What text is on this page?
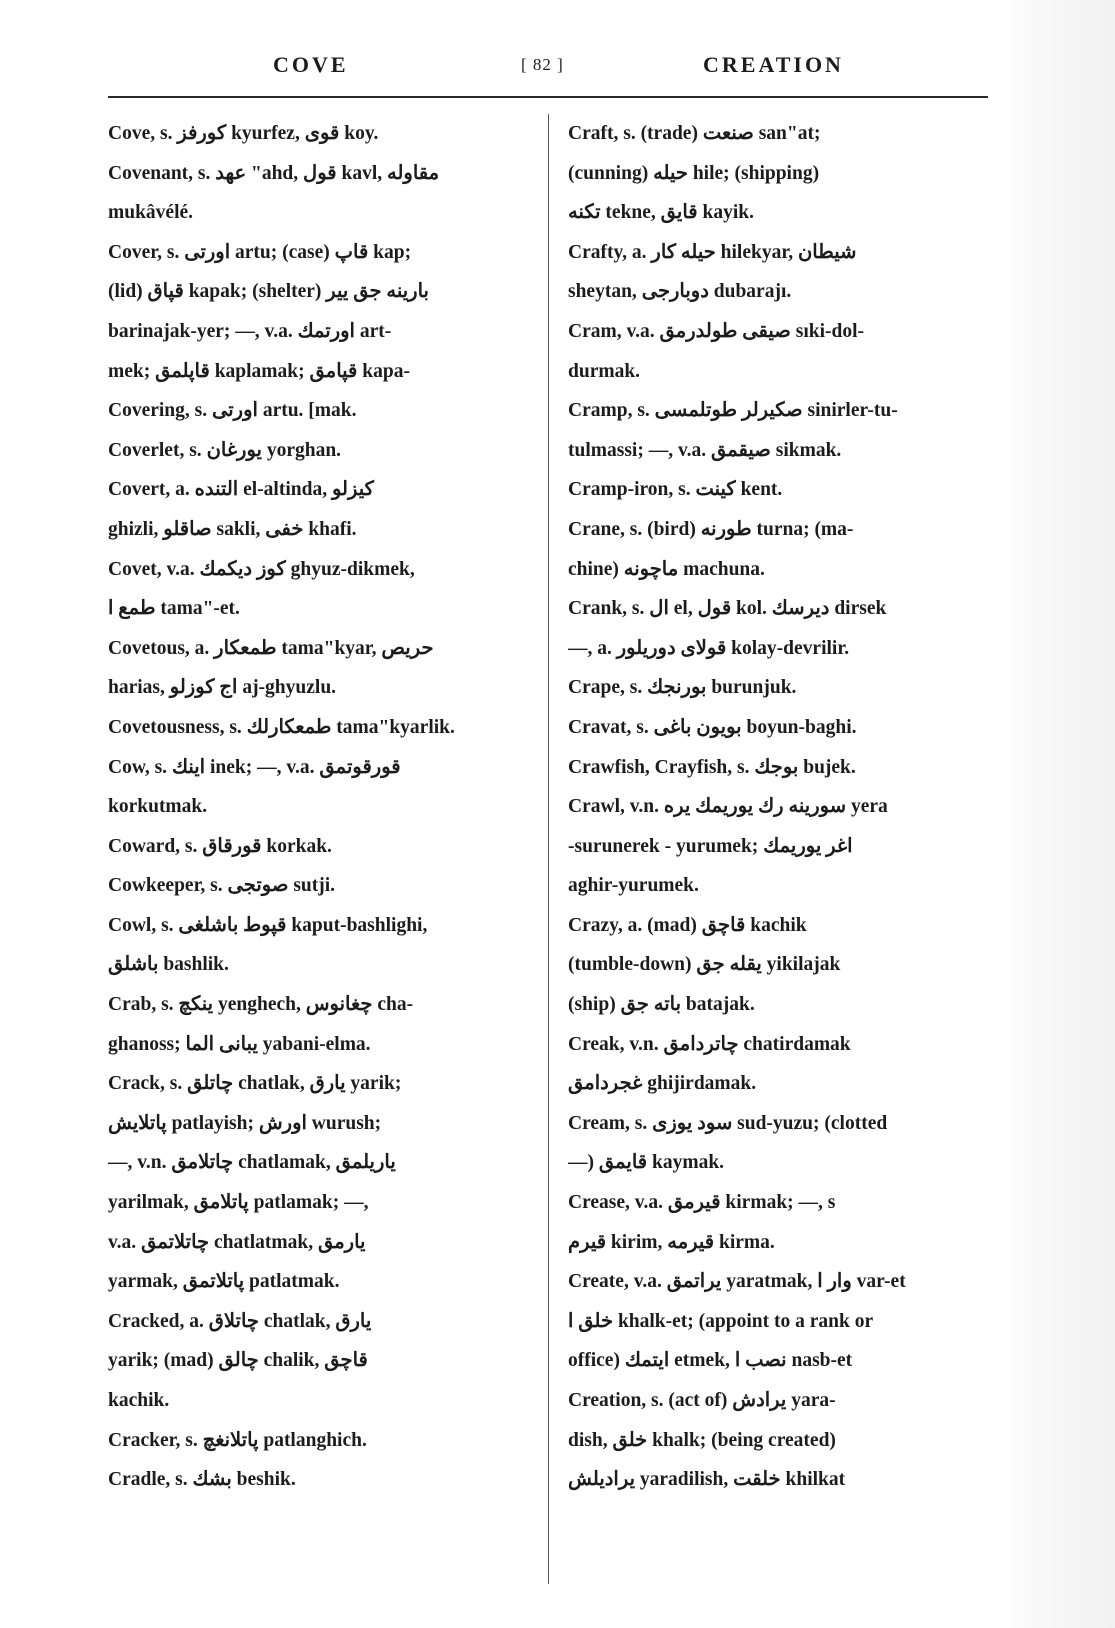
COVE	[ 82 ]	CREATION
Cove, s. كورفز kyurfez, قوى koy.
Covenant, s. عهد "ahd, قول kavl, مقاوله
mukâvélé.
Cover, s. اورتى artu; (case) قاپ kap;
(lid) قپاق kapak; (shelter) بارينه جق يير
barinajak-yer; —, v.a. اورتمك art-
mek; قاپلمق kaplamak; قپامق kapa-
Covering, s. اورتى artu. [mak.
Coverlet, s. يورغان yorghan.
Covert, a. التنده el-altinda, كيزلو
ghizli, صاقلو sakli, خفى khafi.
Covet, v.a. كوز ديكمك ghyuz-dikmek,
طمع ا tama"-et.
Covetous, a. طمعكار tama"kyar, حريص
harias, اج كوزلو aj-ghyuzlu.
Covetousness, s. طمعكارلك tama"kyarlik.
Cow, s. اينك inek; —, v.a. قورقوتمق
korkutmak.
Coward, s. قورقاق korkak.
Cowkeeper, s. صوتجى sutji.
Cowl, s. قپوط باشلغى kaput-bashlighi,
باشلق bashlik.
Crab, s. ينكچ yenghech, چغانوس cha-
ghanoss; يبانى الما yabani-elma.
Crack, s. چاتلق chatlak, يارق yarik;
پاتلايش patlayish; اورش wurush;
—, v.n. چاتلامق chatlamak, ياريلمق
yarilmak, پاتلامق patlamak; —,
v.a. چاتلاتمق chatlatmak, يارمق
yarmak, پاتلاتمق patlatmak.
Cracked, a. چاتلاق chatlak, يارق
yarik; (mad) چالق chalik, قاچق
kachik.
Cracker, s. پاتلانغچ patlanghich.
Cradle, s. بشك beshik.
Craft, s. (trade) صنعت san"at;
(cunning) حيله hile; (shipping)
تكنه tekne, قايق kayik.
Crafty, a. حيله كار hilekyar, شيطان
sheytan, دوبارجى dubarajı.
Cram, v.a. صيقى طولدرمق sıki-dol-
durmak.
Cramp, s. صكيرلر طوتلمسى sinirler-tu-
tulmassi; —, v.a. صيقمق sikmak.
Cramp-iron, s. كينت kent.
Crane, s. (bird) طورنه turna; (ma-
chine) ماچونه machuna.
Crank, s. ال el, قول kol. ديرسك dirsek
—, a. قولاى دوريلور kolay-devrilir.
Crape, s. بورنجك burunjuk.
Cravat, s. بويون باغى boyun-baghi.
Crawfish, Crayfish, s. بوجك bujek.
Crawl, v.n. سورينه رك يوريمك يره yera
-surunerek - yurumek; اغر يوريمك
aghir-yurumek.
Crazy, a. (mad) قاچق kachik
(tumble-down) يقله جق yikilajak
(ship) باته جق batajak.
Creak, v.n. چاتردامق chatirdamak
غجردامق ghijirdamak.
Cream, s. سود يوزى sud-yuzu; (clotted
—) قايمق kaymak.
Crease, v.a. قيرمق kirmak; —, s
قيرم kirim, قيرمه kirma.
Create, v.a. يراتمق yaratmak, وار ا var-et
خلق ا khalk-et; (appoint to a rank or
office) ايتمك etmek, نصب ا nasb-et
Creation, s. (act of) يرادش yara-
dish, خلق khalk; (being created)
يراديلش yaradilish, خلقت khilkat
